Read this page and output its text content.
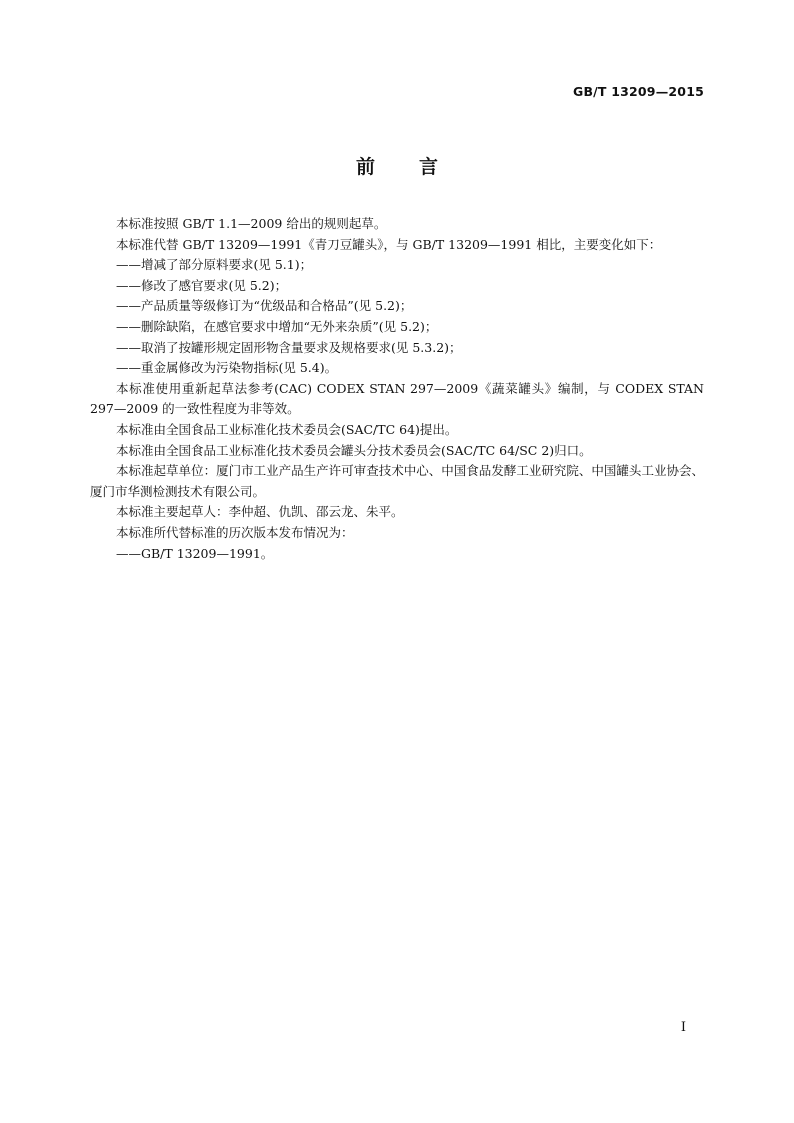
GB/T 13209—2015
前 言

本标准按照 GB/T 1.1—2009 给出的规则起草。

本标准代替 GB/T 13209—1991《青刀豆罐头》，与 GB/T 13209—1991 相比，主要变化如下：

——增减了部分原料要求(见 5.1)；

——修改了感官要求(见 5.2)；

——产品质量等级修订为“优级品和合格品”(见 5.2)；

——删除缺陷，在感官要求中增加“无外来杂质”(见 5.2)；

——取消了按罐形规定固形物含量要求及规格要求(见 5.3.2)；

——重金属修改为污染物指标(见 5.4)。

本标准使用重新起草法参考(CAC) CODEX STAN 297—2009《蔬菜罐头》编制，与 CODEX STAN 297—2009 的一致性程度为非等效。

本标准由全国食品工业标准化技术委员会(SAC/TC 64)提出。

本标准由全国食品工业标准化技术委员会罐头分技术委员会(SAC/TC 64/SC 2)归口。

本标准起草单位：厦门市工业产品生产许可审查技术中心、中国食品发酵工业研究院、中国罐头工业协会、厦门市华测检测技术有限公司。

本标准主要起草人：李仲超、仇凯、邵云龙、朱平。

本标准所代替标准的历次版本发布情况为：

——GB/T 13209—1991。

I
